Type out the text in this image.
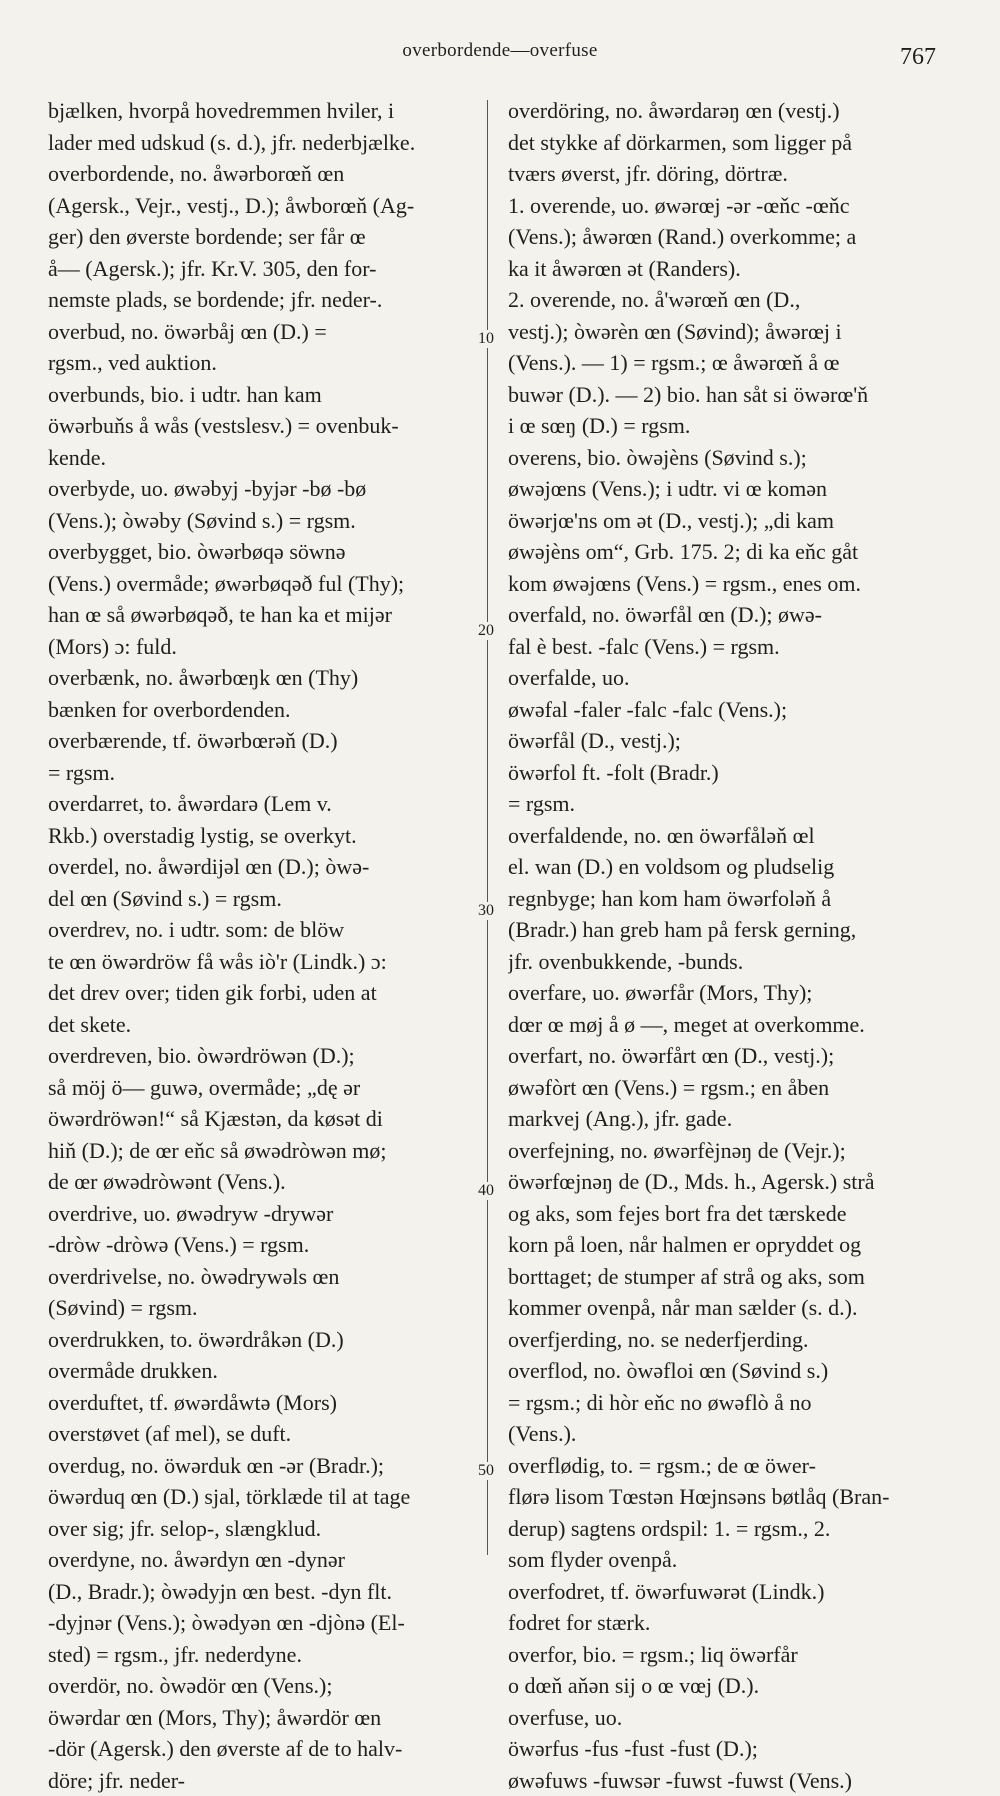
overbordende—overfuse	767
bjælken, hvorpå hovedremmen hviler, i
lader med udskud (s. d.), jfr. nederbjælke.
overbordende, no. åwərborœň œn
(Agersk., Vejr., vestj., D.); åwborœň (Ag-
ger) den øverste bordende; ser får œ
å— (Agersk.); jfr. Kr.V. 305, den for-
nemste plads, se bordende; jfr. neder-.
overbud, no. öwərbåj œn (D.) =
rgsm., ved auktion.
overbunds, bio. i udtr. han kam
öwərbuňs å wås (vestslesv.) = ovenbuk-
kende.
overbyde, uo. øwəbyj -byjər -bø -bø
(Vens.); òwəby (Søvind s.) = rgsm.
overbygget, bio. òwərbøqə söwnə
(Vens.) overmåde; øwərbøqəð ful (Thy);
han œ så øwərbøqəð, te han ka et mijər
(Mors) ɔ: fuld.
overbænk, no. åwərbœŋk œn (Thy)
bænken for overbordenden.
overbærende, tf. öwərbœrəň (D.)
= rgsm.
overdarret, to. åwərdarə (Lem v.
Rkb.) overstadig lystig, se overkyt.
overdel, no. åwərdijəl œn (D.); òwə-
del œn (Søvind s.) = rgsm.
overdrev, no. i udtr. som: de blöw
te œn öwərdröw få wås iò'r (Lindk.) ɔ:
det drev over; tiden gik forbi, uden at
det skete.
overdreven, bio. òwərdröwən (D.);
så möj ö— guwə, overmåde; „dę ər
öwərdröwən!“ så Kjæstən, da køsət di
hiň (D.); de œr eňc så øwədròwən mø;
de œr øwədròwənt (Vens.).
overdrive, uo. øwədryw -drywər
-dròw -dròwə (Vens.) = rgsm.
overdrivelse, no. òwədrywəls œn
(Søvind) = rgsm.
overdrukken, to. öwərdråkən (D.)
overmåde drukken.
overduftet, tf. øwərdåwtə (Mors)
overstøvet (af mel), se duft.
overdug, no. öwərduk œn -ər (Bradr.);
öwərduq œn (D.) sjal, törklæde til at tage
over sig; jfr. selop-, slængklud.
overdyne, no. åwərdyn œn -dynər
(D., Bradr.); òwədyjn œn best. -dyn flt.
-dyjnər (Vens.); òwədyən œn -djònə (El-
sted) = rgsm., jfr. nederdyne.
overdör, no. òwədör œn (Vens.);
öwərdar œn (Mors, Thy); åwərdör œn
-dör (Agersk.) den øverste af de to halv-
döre; jfr. neder-
overdöring, no. åwərdarəŋ œn (vestj.)
det stykke af dörkarmen, som ligger på
tværs øverst, jfr. döring, dörtræ.
1. overende, uo. øwərœj -ər -œňc -œňc
(Vens.); åwərœn (Rand.) overkomme; a
ka it åwərœn ət (Randers).
2. overende, no. å'wərœň œn (D.,
vestj.); òwərèn œn (Søvind); åwərœj i
(Vens.). — 1) = rgsm.; œ åwərœň å œ
buwər (D.). — 2) bio. han såt si öwərœ'ň
i œ sœŋ (D.) = rgsm.
overens, bio. òwəjèns (Søvind s.);
øwəjœns (Vens.); i udtr. vi œ komən
öwərjœ'ns om ət (D., vestj.); „di kam
øwəjèns om“, Grb. 175. 2; di ka eňc gåt
kom øwəjœns (Vens.) = rgsm., enes om.
overfald, no. öwərfål œn (D.); øwə-
fal è best. -falc (Vens.) = rgsm.
overfalde, uo.
øwəfal -faler -falc -falc (Vens.);
öwərfål (D., vestj.);
öwərfol ft. -folt (Bradr.)
= rgsm.
overfaldende, no. œn öwərfåləň œl
el. wan (D.) en voldsom og pludselig
regnbyge; han kom ham öwərfoləň å
(Bradr.) han greb ham på fersk gerning,
jfr. ovenbukkende, -bunds.
overfare, uo. øwərfår (Mors, Thy);
dœr œ møj å ø —, meget at overkomme.
overfart, no. öwərfårt œn (D., vestj.);
øwəfòrt œn (Vens.) = rgsm.; en åben
markvej (Ang.), jfr. gade.
overfejning, no. øwərfèjnəŋ de (Vejr.);
öwərfœjnəŋ de (D., Mds. h., Agersk.) strå
og aks, som fejes bort fra det tærskede
korn på loen, når halmen er opryddet og
borttaget; de stumper af strå og aks, som
kommer ovenpå, når man sælder (s. d.).
overfjerding, no. se nederfjerding.
overflod, no. òwəfloi œn (Søvind s.)
= rgsm.; di hòr eňc no øwəflò å no
(Vens.).
overflødig, to. = rgsm.; de œ öwer-
flørə lisom Tœstən Hœjnsəns bøtlåq (Bran-
derup) sagtens ordspil: 1. = rgsm., 2.
som flyder ovenpå.
overfodret, tf. öwərfuwərət (Lindk.)
fodret for stærk.
overfor, bio. = rgsm.; liq öwərfår
o dœň aňən sij o œ vœj (D.).
overfuse, uo.
öwərfus -fus -fust -fust (D.);
øwəfuws -fuwsər -fuwst -fuwst (Vens.)
10
20
30
40
50
